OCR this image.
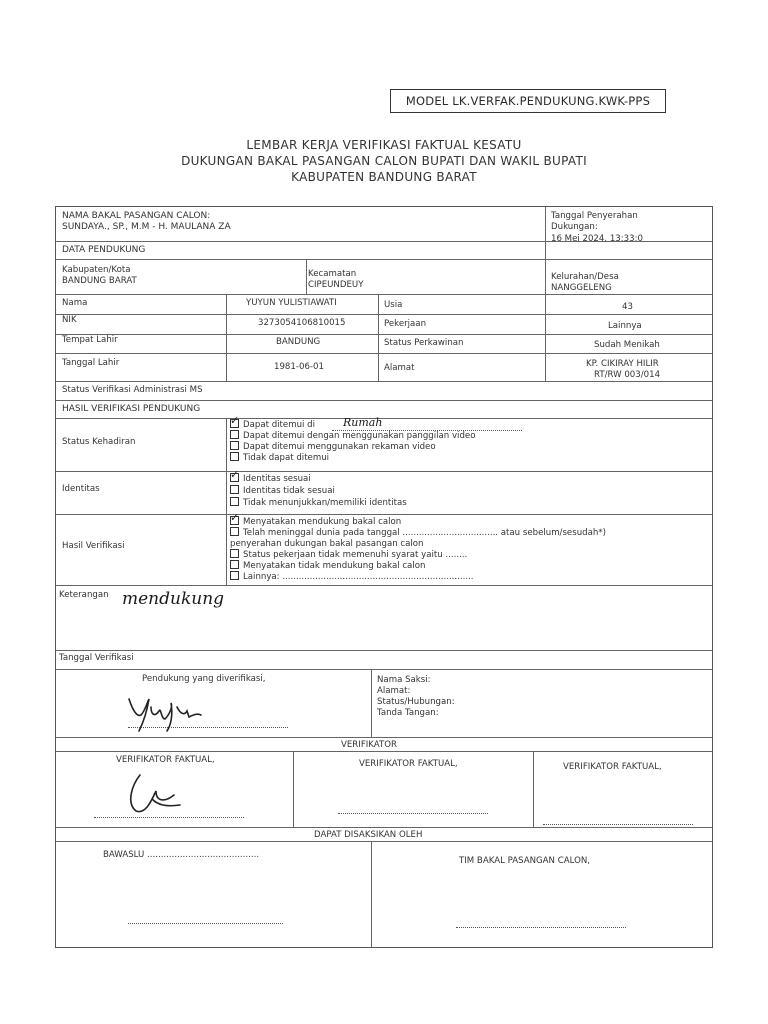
MODEL LK.VERFAK.PENDUKUNG.KWK-PPS
LEMBAR KERJA VERIFIKASI FAKTUAL KESATU
DUKUNGAN BAKAL PASANGAN CALON BUPATI DAN WAKIL BUPATI
KABUPATEN BANDUNG BARAT
NAMA BAKAL PASANGAN CALON:
SUNDAYA., SP., M.M - H. MAULANA ZA
Tanggal Penyerahan
Dukungan:
16 Mei 2024, 13:33:0
DATA PENDUKUNG
Kabupaten/Kota
BANDUNG BARAT
Kecamatan
CIPEUNDEUY
Kelurahan/Desa
NANGGELENG
Nama	YUYUN YULISTIAWATI	Usia	43
NIK	3273054106810015	Pekerjaan	Lainnya
Tempat Lahir	BANDUNG	Status Perkawinan	Sudah Menikah
Tanggal Lahir	1981-06-01	Alamat	KP. CIKIRAY HILIR
RT/RW 003/014
Status Verifikasi Administrasi MS
HASIL VERIFIKASI PENDUKUNG
Status Kehadiran
✓Dapat ditemui di	Rumah
Dapat ditemui dengan menggunakan panggilan video
Dapat ditemui menggunakan rekaman video
Tidak dapat ditemui
Identitas
✓Identitas sesuai
Identitas tidak sesuai
Tidak menunjukkan/memiliki identitas
Hasil Verifikasi
✓Menyatakan mendukung bakal calon
Telah meninggal dunia pada tanggal ................................... atau sebelum/sesudah*)
penyerahan dukungan bakal pasangan calon
Status pekerjaan tidak memenuhi syarat yaitu ........
Menyatakan tidak mendukung bakal calon
Lainnya: ......................................................................
Keterangan mendukung
Tanggal Verifikasi
Pendukung yang diverifikasi,	Nama Saksi:
Alamat:
Status/Hubungan:
Tanda Tangan:
VERIFIKATOR
VERIFIKATOR FAKTUAL,	VERIFIKATOR FAKTUAL,	VERIFIKATOR FAKTUAL,
DAPAT DISAKSIKAN OLEH
BAWASLU .........................................
TIM BAKAL PASANGAN CALON,
